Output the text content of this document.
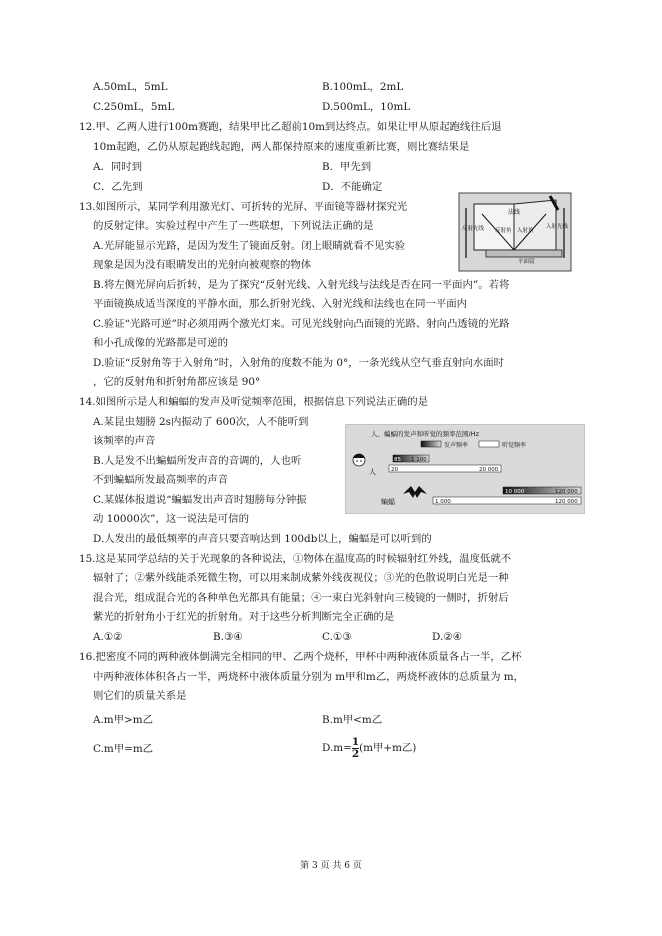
A.50mL，5mL	B.100mL，2mL
C.250mL，5mL	D.500mL，10mL
12.甲、乙两人进行100m赛跑，结果甲比乙超前10m到达终点。如果让甲从原起跑线往后退
10m起跑，乙仍从原起跑线起跑，两人都保持原来的速度重新比赛，则比赛结果是
A．同时到	B．甲先到
C．乙先到	D．不能确定
13.如图所示，某同学利用激光灯、可折转的光屏、平面镜等器材探究光
的反射定律。实验过程中产生了一些联想，下列说法正确的是
A.光屏能显示光路，是因为发生了镜面反射。闭上眼睛就看不见实验
现象是因为没有眼睛发出的光射向被观察的物体
B.将左侧光屏向后折转，是为了探究“反射光线、入射光线与法线是否在同一平面内”。若将
平面镜换成适当深度的平静水面，那么折射光线、入射光线和法线也在同一平面内
C.验证“光路可逆”时必须用两个激光灯来。可见光线射向凸面镜的光路、射向凸透镜的光路
和小孔成像的光路都是可逆的
D.验证“反射角等于入射角”时，入射角的度数不能为 0°，一条光线从空气垂直射向水面时
，它的反射角和折射角都应该是 90°
法线
反射角 入射角
反射光线	入射光线
平面镜
14.如图所示是人和蝙蝠的发声及听觉频率范围，根据信息下列说法正确的是
A.某昆虫翅膀 2s内振动了 600次，人不能听到
该频率的声音
B.人是发不出蝙蝠所发声音的音调的，人也听
不到蝙蝠所发最高频率的声音
C.某媒体报道说“蝙蝠发出声音时翅膀每分钟振
动 10000次”，这一说法是可信的
D.人发出的最低频率的声音只要音响达到 100db以上，蝙蝠是可以听到的
人、蝙蝠的发声和听觉的频率范围/Hz
发声频率	听觉频率
人
85 1 100
20	20 000
蝙蝠
10 000	120 000
1 000	120 000
15.这是某同学总结的关于光现象的各种说法，①物体在温度高的时候辐射红外线，温度低就不
辐射了；②紫外线能杀死微生物，可以用来制成紫外线夜视仪；③光的色散说明白光是一种
混合光，组成混合光的各种单色光都具有能量；④一束白光斜射向三棱镜的一侧时，折射后
紫光的折射角小于红光的折射角。对于这些分析判断完全正确的是
A.①②	B.③④	C.①③	D.②④
16.把密度不同的两种液体倒满完全相同的甲、乙两个烧杯，甲杯中两种液体质量各占一半，乙杯
中两种液体体积各占一半，两烧杯中液体质量分别为 m甲和m乙，两烧杯液体的总质量为 m，
则它们的质量关系是
A.m甲>m乙	B.m甲<m乙
C.m甲=m乙	$D.m= \frac{1}{2} (m$甲+m乙)
第 3 页 共 6 页
